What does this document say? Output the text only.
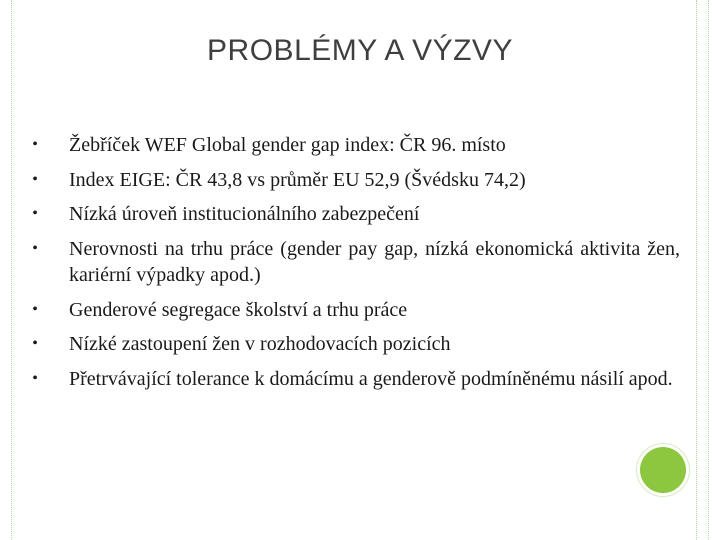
PROBLÉMY A VÝZVY
• Žebříček WEF Global gender gap index: ČR 96. místo
• Index EIGE: ČR 43,8 vs průměr EU 52,9 (Švédsku 74,2)
• Nízká úroveň institucionálního zabezpečení
• Nerovnosti na trhu práce (gender pay gap, nízká ekonomická aktivita žen, kariérní výpadky apod.)
• Genderové segregace školství a trhu práce
• Nízké zastoupení žen v rozhodovacích pozicích
• Přetrvávající tolerance k domácímu a genderově podmíněnému násilí apod.
